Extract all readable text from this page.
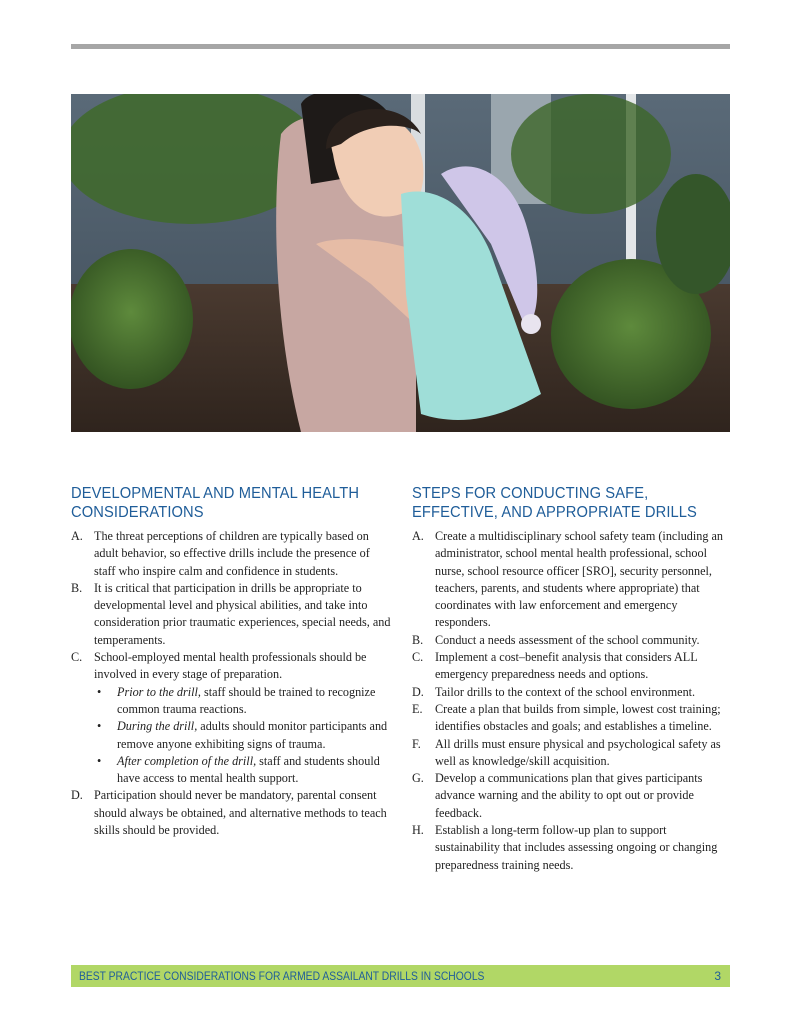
DEVELOPMENTAL AND MENTAL HEALTH CONSIDERATIONS
A. The threat perceptions of children are typically based on adult behavior, so effective drills include the presence of staff who inspire calm and confidence in students.
B. It is critical that participation in drills be appropriate to developmental level and physical abilities, and take into consideration prior traumatic experiences, special needs, and temperaments.
C. School-employed mental health professionals should be involved in every stage of preparation.
• Prior to the drill, staff should be trained to recognize common trauma reactions.
• During the drill, adults should monitor participants and remove anyone exhibiting signs of trauma.
• After completion of the drill, staff and students should have access to mental health support.
D. Participation should never be mandatory, parental consent should always be obtained, and alternative methods to teach skills should be provided.
STEPS FOR CONDUCTING SAFE, EFFECTIVE, AND APPROPRIATE DRILLS
A. Create a multidisciplinary school safety team (including an administrator, school mental health professional, school nurse, school resource officer [SRO], security personnel, teachers, parents, and students where appropriate) that coordinates with law enforcement and emergency responders.
B. Conduct a needs assessment of the school community.
C. Implement a cost–benefit analysis that considers ALL emergency preparedness needs and options.
D. Tailor drills to the context of the school environment.
E. Create a plan that builds from simple, lowest cost training; identifies obstacles and goals; and establishes a timeline.
F. All drills must ensure physical and psychological safety as well as knowledge/skill acquisition.
G. Develop a communications plan that gives participants advance warning and the ability to opt out or provide feedback.
H. Establish a long-term follow-up plan to support sustainability that includes assessing ongoing or changing preparedness training needs.
BEST PRACTICE CONSIDERATIONS FOR ARMED ASSAILANT DRILLS IN SCHOOLS	3
